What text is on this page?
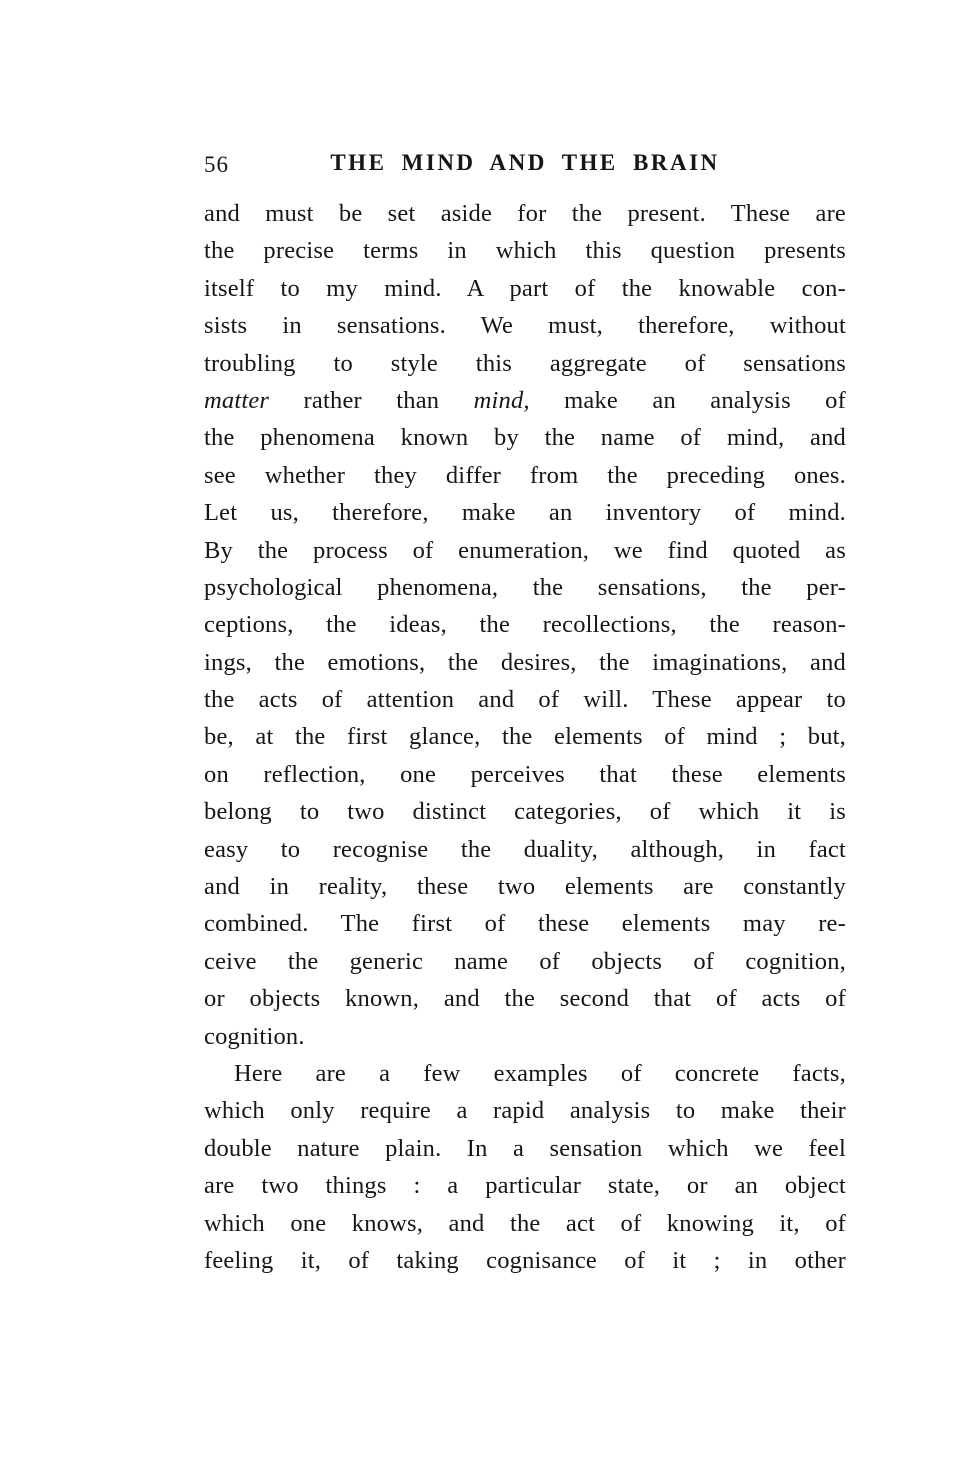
56	THE MIND AND THE BRAIN
and must be set aside for the present. These are
the precise terms in which this question presents
itself to my mind. A part of the knowable con-
sists in sensations. We must, therefore, without
troubling to style this aggregate of sensations
matter rather than mind, make an analysis of
the phenomena known by the name of mind, and
see whether they differ from the preceding ones.
Let us, therefore, make an inventory of mind.
By the process of enumeration, we find quoted as
psychological phenomena, the sensations, the per-
ceptions, the ideas, the recollections, the reason-
ings, the emotions, the desires, the imaginations, and
the acts of attention and of will. These appear to
be, at the first glance, the elements of mind ; but,
on reflection, one perceives that these elements
belong to two distinct categories, of which it is
easy to recognise the duality, although, in fact
and in reality, these two elements are constantly
combined. The first of these elements may re-
ceive the generic name of objects of cognition,
or objects known, and the second that of acts of
cognition.
Here are a few examples of concrete facts,
which only require a rapid analysis to make their
double nature plain. In a sensation which we feel
are two things : a particular state, or an object
which one knows, and the act of knowing it, of
feeling it, of taking cognisance of it ; in other
